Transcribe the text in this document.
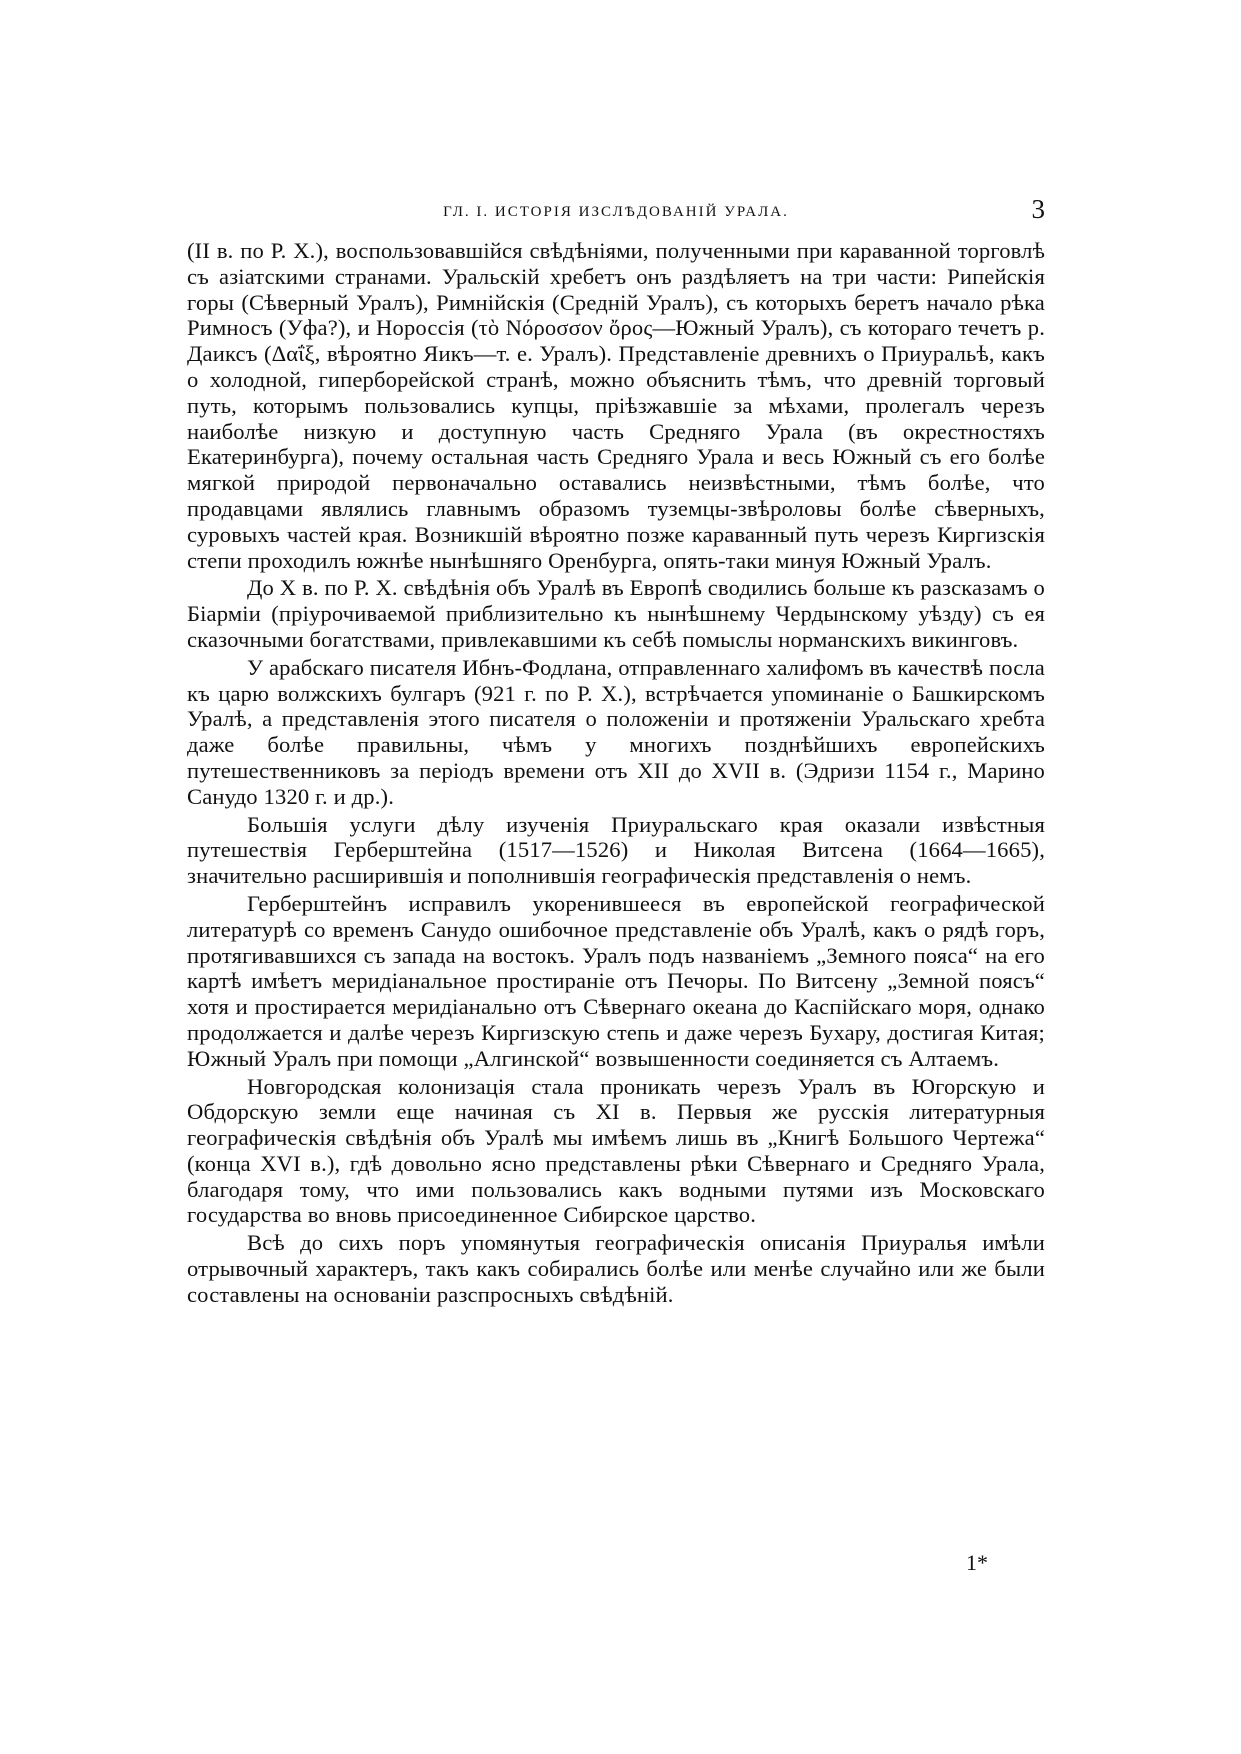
ГЛ. I. ИСТОРІЯ ИЗСЛѢДОВАНІЙ УРАЛА.	3

(II в. по Р. Х.), воспользовавшійся свѣдѣніями, полученными при караванной торговлѣ съ азіатскими странами. Уральскій хребетъ онъ раздѣляетъ на три части: Рипейскія горы (Сѣверный Уралъ), Римнійскія (Средній Уралъ), съ которыхъ беретъ начало рѣка Римносъ (Уфа?), и Нороссія (τὸ Νόροσσον ὄρος—Южный Уралъ), съ котораго течетъ р. Даиксъ (Δαΐξ, вѣроятно Яикъ—т. е. Уралъ). Представленіе древнихъ о Приуральѣ, какъ о холодной, гиперборейской странѣ, можно объяснить тѣмъ, что древній торговый путь, которымъ пользовались купцы, пріѣзжавшіе за мѣхами, пролегалъ черезъ наиболѣе низкую и доступную часть Средняго Урала (въ окрестностяхъ Екатеринбурга), почему остальная часть Средняго Урала и весь Южный съ его болѣе мягкой природой первоначально оставались неизвѣстными, тѣмъ болѣе, что продавцами являлись главнымъ образомъ туземцы-звѣроловы болѣе сѣверныхъ, суровыхъ частей края. Возникшій вѣроятно позже караванный путь черезъ Киргизскія степи проходилъ южнѣе нынѣшняго Оренбурга, опять-таки минуя Южный Уралъ.

До X в. по Р. Х. свѣдѣнія объ Уралѣ въ Европѣ сводились больше къ разсказамъ о Біарміи (пріурочиваемой приблизительно къ нынѣшнему Чердынскому уѣзду) съ ея сказочными богатствами, привлекавшими къ себѣ помыслы норманскихъ викинговъ.

У арабскаго писателя Ибнъ-Фодлана, отправленнаго халифомъ въ качествѣ посла къ царю волжскихъ булгаръ (921 г. по Р. Х.), встрѣчается упоминаніе о Башкирскомъ Уралѣ, а представленія этого писателя о положеніи и протяженіи Уральскаго хребта даже болѣе правильны, чѣмъ у многихъ позднѣйшихъ европейскихъ путешественниковъ за періодъ времени отъ XII до XVII в. (Эдризи 1154 г., Марино Санудо 1320 г. и др.).

Большія услуги дѣлу изученія Приуральскаго края оказали извѣстныя путешествія Герберштейна (1517—1526) и Николая Витсена (1664—1665), значительно расширившія и пополнившія географическія представленія о немъ.

Герберштейнъ исправилъ укоренившееся въ европейской географической литературѣ со временъ Санудо ошибочное представленіе объ Уралѣ, какъ о рядѣ горъ, протягивавшихся съ запада на востокъ. Уралъ подъ названіемъ „Земного пояса“ на его картѣ имѣетъ меридіанальное простираніе отъ Печоры. По Витсену „Земной поясъ“ хотя и простирается меридіанально отъ Сѣвернаго океана до Каспійскаго моря, однако продолжается и далѣе черезъ Киргизскую степь и даже черезъ Бухару, достигая Китая; Южный Уралъ при помощи „Алгинской“ возвышенности соединяется съ Алтаемъ.

Новгородская колонизація стала проникать черезъ Уралъ въ Югорскую и Обдорскую земли еще начиная съ XI в. Первыя же русскія литературныя географическія свѣдѣнія объ Уралѣ мы имѣемъ лишь въ „Книгѣ Большого Чертежа“ (конца XVI в.), гдѣ довольно ясно представлены рѣки Сѣвернаго и Средняго Урала, благодаря тому, что ими пользовались какъ водными путями изъ Московскаго государства во вновь присоединенное Сибирское царство.

Всѣ до сихъ поръ упомянутыя географическія описанія Приуралья имѣли отрывочный характеръ, такъ какъ собирались болѣе или менѣе случайно или же были составлены на основаніи разспросныхъ свѣдѣній.

1*
